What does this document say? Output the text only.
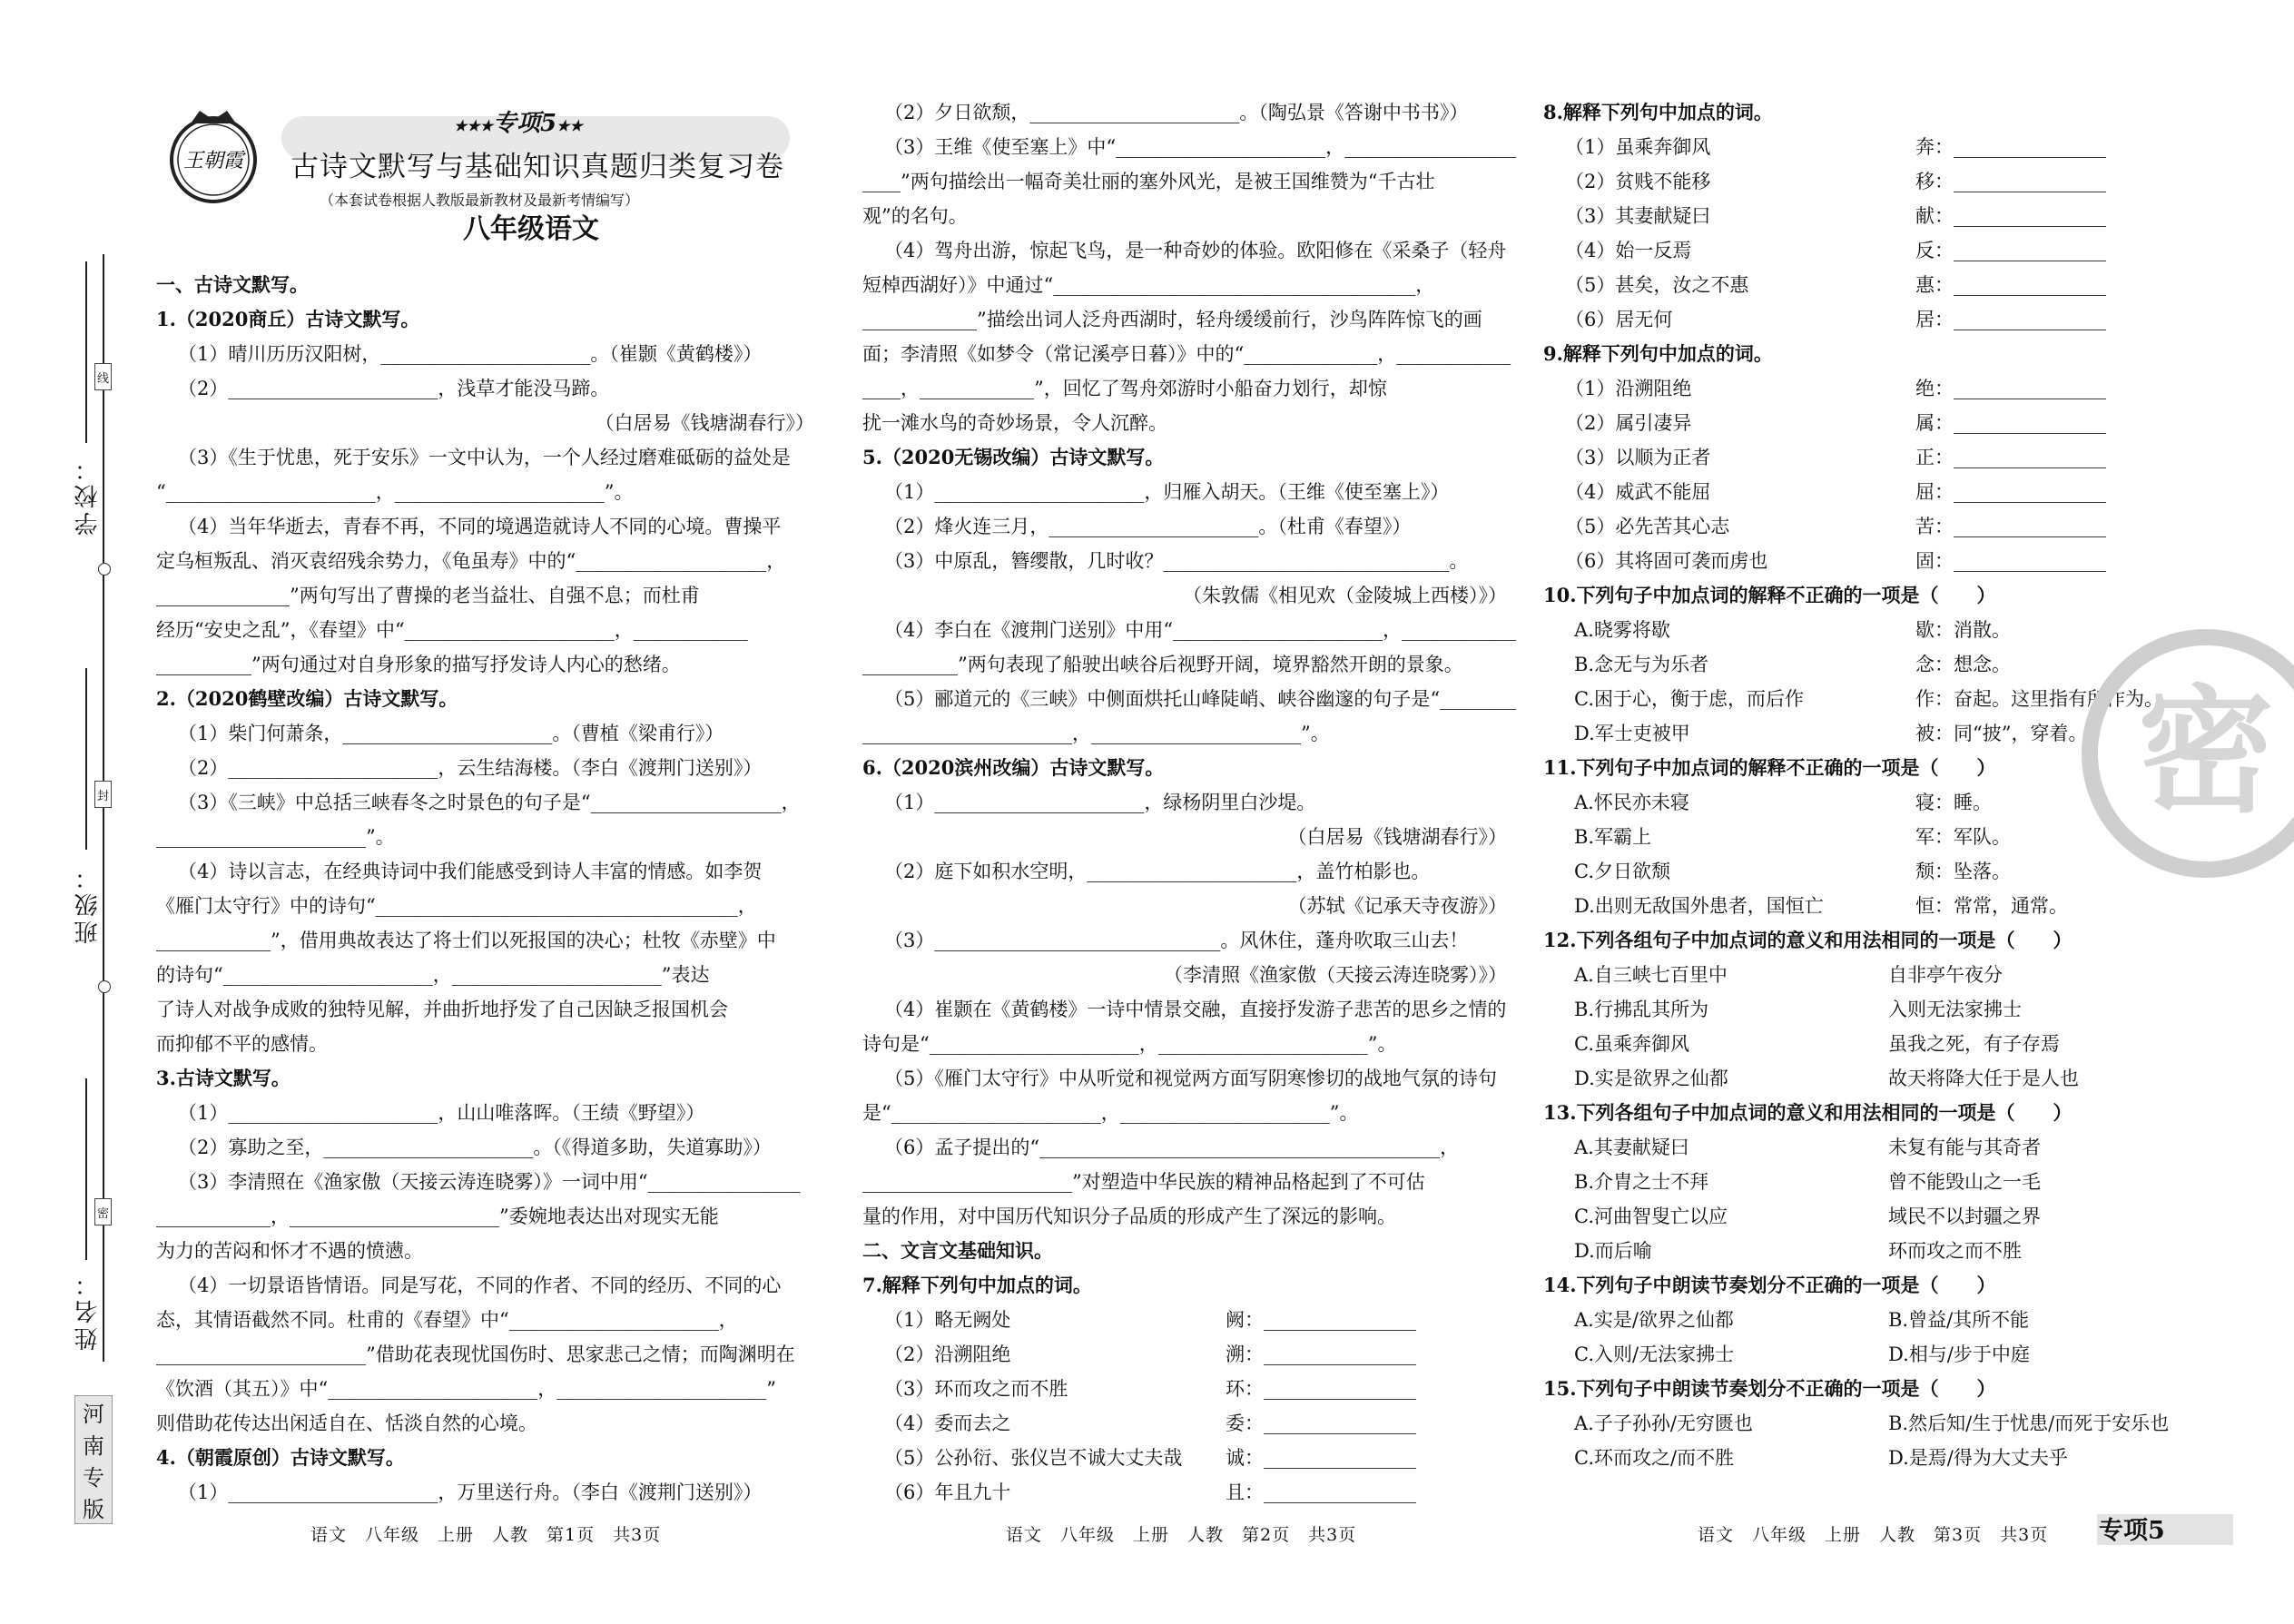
线
封
密
学校：
班级：
姓名：
河
南
专
版
王朝霞
★★★专项5★★
古诗文默写与基础知识真题归类复习卷
（本套试卷根据人教版最新教材及最新考情编写）
八年级语文
一、古诗文默写。
1.（2020商丘）古诗文默写。
（1）晴川历历汉阳树，______________________。（崔颢《黄鹤楼》）
（2）______________________，浅草才能没马蹄。
（白居易《钱塘湖春行》）
（3）《生于忧患，死于安乐》一文中认为，一个人经过磨难砥砺的益处是
“______________________，______________________”。
（4）当年华逝去，青春不再，不同的境遇造就诗人不同的心境。曹操平
定乌桓叛乱、消灭袁绍残余势力，《龟虽寿》中的“____________________，
______________”两句写出了曹操的老当益壮、自强不息；而杜甫
经历“安史之乱”，《春望》中“______________________，____________
__________”两句通过对自身形象的描写抒发诗人内心的愁绪。
2.（2020鹤壁改编）古诗文默写。
（1）柴门何萧条，______________________。（曹植《梁甫行》）
（2）______________________，云生结海楼。（李白《渡荆门送别》）
（3）《三峡》中总括三峡春冬之时景色的句子是“____________________，
______________________”。
（4）诗以言志，在经典诗词中我们能感受到诗人丰富的情感。如李贺
《雁门太守行》中的诗句“______________________________________，
____________”，借用典故表达了将士们以死报国的决心；杜牧《赤壁》中
的诗句“______________________，______________________”表达
了诗人对战争成败的独特见解，并曲折地抒发了自己因缺乏报国机会
而抑郁不平的感情。
3.古诗文默写。
（1）______________________，山山唯落晖。（王绩《野望》）
（2）寡助之至，______________________。（《得道多助，失道寡助》）
（3）李清照在《渔家傲（天接云涛连晓雾）》一词中用“________________
____________，______________________”委婉地表达出对现实无能
为力的苦闷和怀才不遇的愤懑。
（4）一切景语皆情语。同是写花，不同的作者、不同的经历、不同的心
态，其情语截然不同。杜甫的《春望》中“______________________，
______________________”借助花表现忧国伤时、思家悲己之情；而陶渊明在
《饮酒（其五）》中“______________________，______________________”
则借助花传达出闲适自在、恬淡自然的心境。
4.（朝霞原创）古诗文默写。
（1）______________________，万里送行舟。（李白《渡荆门送别》）
语文　八年级　上册　人教　第1页　共3页
（2）夕日欲颓，______________________。（陶弘景《答谢中书书》）
（3）王维《使至塞上》中“______________________，__________________
____”两句描绘出一幅奇美壮丽的塞外风光，是被王国维赞为“千古壮
观”的名句。
（4）驾舟出游，惊起飞鸟，是一种奇妙的体验。欧阳修在《采桑子（轻舟
短棹西湖好）》中通过“______________________________________，
____________”描绘出词人泛舟西湖时，轻舟缓缓前行，沙鸟阵阵惊飞的画
面；李清照《如梦令（常记溪亭日暮）》中的“______________，____________
____，____________”，回忆了驾舟郊游时小船奋力划行，却惊
扰一滩水鸟的奇妙场景，令人沉醉。
5.（2020无锡改编）古诗文默写。
（1）______________________，归雁入胡天。（王维《使至塞上》）
（2）烽火连三月，______________________。（杜甫《春望》）
（3）中原乱，簪缨散，几时收？______________________________。
（朱敦儒《相见欢（金陵城上西楼）》）
（4）李白在《渡荆门送别》中用“______________________，____________
__________”两句表现了船驶出峡谷后视野开阔，境界豁然开朗的景象。
（5）郦道元的《三峡》中侧面烘托山峰陡峭、峡谷幽邃的句子是“________
______________________，______________________”。
6.（2020滨州改编）古诗文默写。
（1）______________________，绿杨阴里白沙堤。
（白居易《钱塘湖春行》）
（2）庭下如积水空明，______________________，盖竹柏影也。
（苏轼《记承天寺夜游》）
（3）______________________________。风休住，蓬舟吹取三山去！
（李清照《渔家傲（天接云涛连晓雾）》）
（4）崔颢在《黄鹤楼》一诗中情景交融，直接抒发游子悲苦的思乡之情的
诗句是“______________________，______________________”。
（5）《雁门太守行》中从听觉和视觉两方面写阴寒惨切的战地气氛的诗句
是“______________________，______________________”。
（6）孟子提出的“__________________________________________，
______________________”对塑造中华民族的精神品格起到了不可估
量的作用，对中国历代知识分子品质的形成产生了深远的影响。
二、文言文基础知识。
7.解释下列句中加点的词。
（1）略无阙处	阙：________________
（2）沿溯阻绝	溯：________________
（3）环而攻之而不胜	环：________________
（4）委而去之	委：________________
（5）公孙衍、张仪岂不诚大丈夫哉 诚：________________
（6）年且九十	且：________________
语文　八年级　上册　人教　第2页　共3页
8.解释下列句中加点的词。
（1）虽乘奔御风	奔：________________
（2）贫贱不能移	移：________________
（3）其妻献疑曰	献：________________
（4）始一反焉	反：________________
（5）甚矣，汝之不惠	惠：________________
（6）居无何	居：________________
9.解释下列句中加点的词。
（1）沿溯阻绝	绝：________________
（2）属引凄异	属：________________
（3）以顺为正者	正：________________
（4）威武不能屈	屈：________________
（5）必先苦其心志	苦：________________
（6）其将固可袭而虏也	固：________________
10.下列句子中加点词的解释不正确的一项是（　　）
A.晓雾将歇	歇：消散。
B.念无与为乐者	念：想念。
C.困于心，衡于虑，而后作	作：奋起。这里指有所作为。
D.军士吏被甲	被：同“披”，穿着。
11.下列句子中加点词的解释不正确的一项是（　　）
A.怀民亦未寝	寝：睡。
B.军霸上	军：军队。
C.夕日欲颓	颓：坠落。
D.出则无敌国外患者，国恒亡	恒：常常，通常。
12.下列各组句子中加点词的意义和用法相同的一项是（　　）
A.自三峡七百里中	自非亭午夜分
B.行拂乱其所为	入则无法家拂士
C.虽乘奔御风	虽我之死，有子存焉
D.实是欲界之仙都	故天将降大任于是人也
13.下列各组句子中加点词的意义和用法相同的一项是（　　）
A.其妻献疑曰	未复有能与其奇者
B.介胄之士不拜	曾不能毁山之一毛
C.河曲智叟亡以应	域民不以封疆之界
D.而后喻	环而攻之而不胜
14.下列句子中朗读节奏划分不正确的一项是（　　）
A.实是/欲界之仙都	B.曾益/其所不能
C.入则/无法家拂士	D.相与/步于中庭
15.下列句子中朗读节奏划分不正确的一项是（　　）
A.子子孙孙/无穷匮也	B.然后知/生于忧患/而死于安乐也
C.环而攻之/而不胜	D.是焉/得为大丈夫乎
语文　八年级　上册　人教　第3页　共3页 专项5
密
